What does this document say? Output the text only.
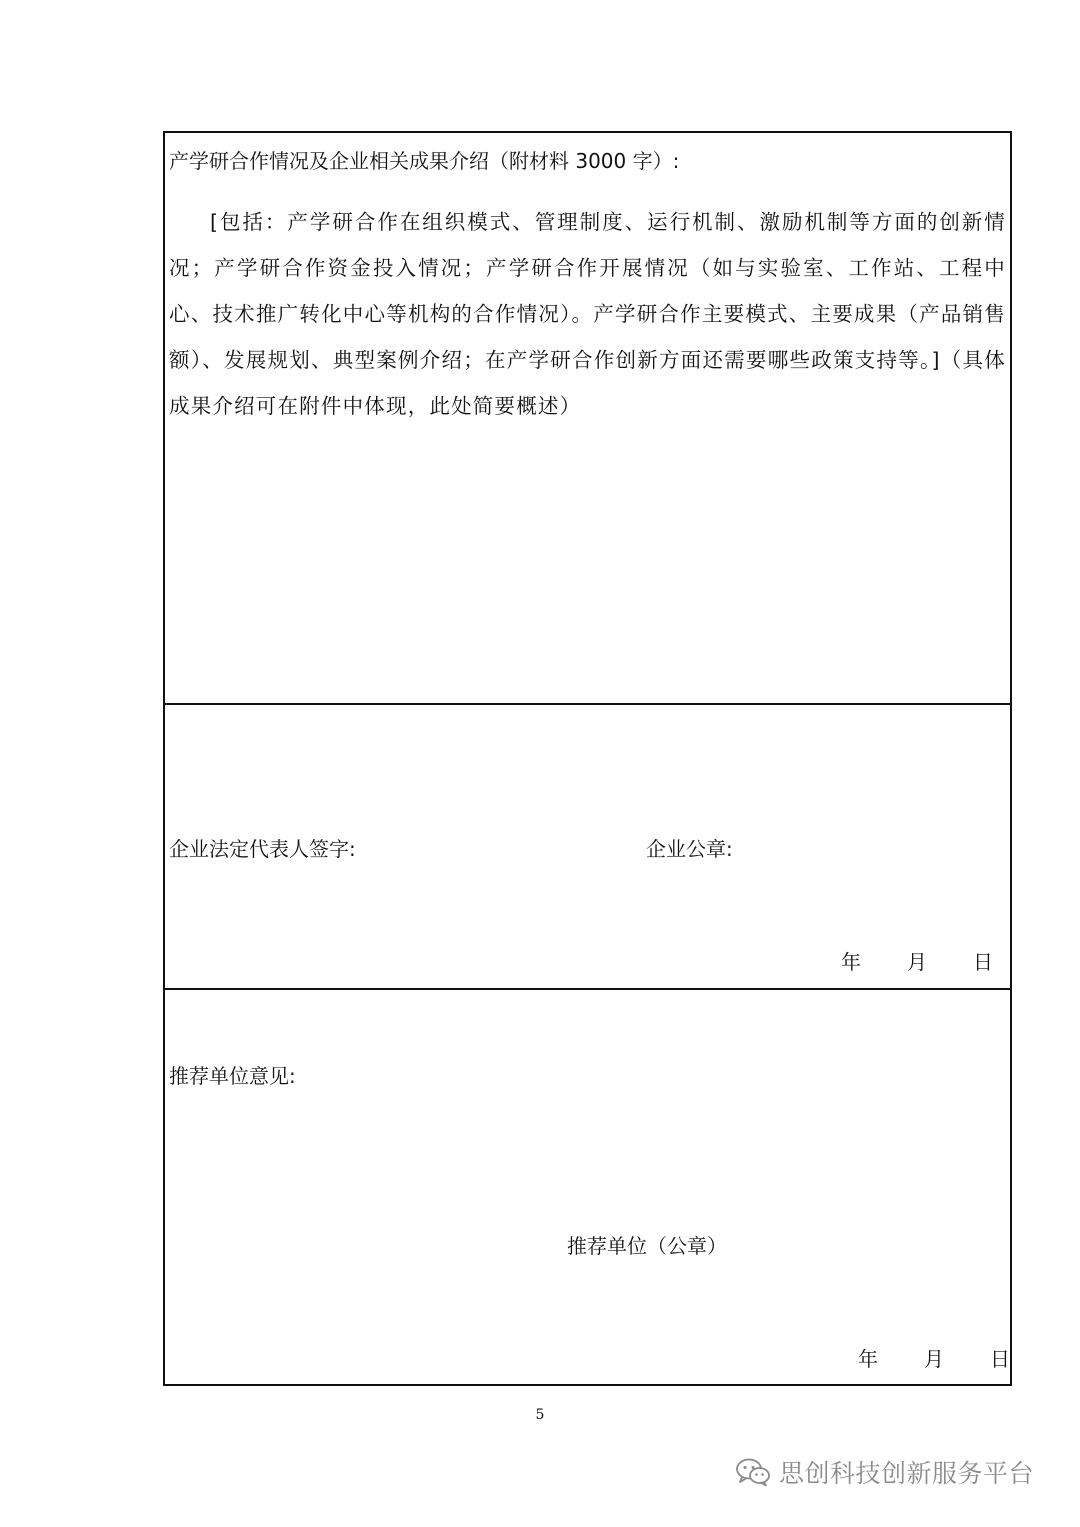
产学研合作情况及企业相关成果介绍（附材料 3000 字）:
[包括：产学研合作在组织模式、管理制度、运行机制、激励机制等方面的创新情况；产学研合作资金投入情况；产学研合作开展情况（如与实验室、工作站、工程中心、技术推广转化中心等机构的合作情况）。产学研合作主要模式、主要成果（产品销售额）、发展规划、典型案例介绍；在产学研合作创新方面还需要哪些政策支持等。]（具体成果介绍可在附件中体现，此处简要概述）
企业法定代表人签字:	企业公章:
年 月 日
推荐单位意见:
推荐单位（公章）
年 月 日
5
思创科技创新服务平台
